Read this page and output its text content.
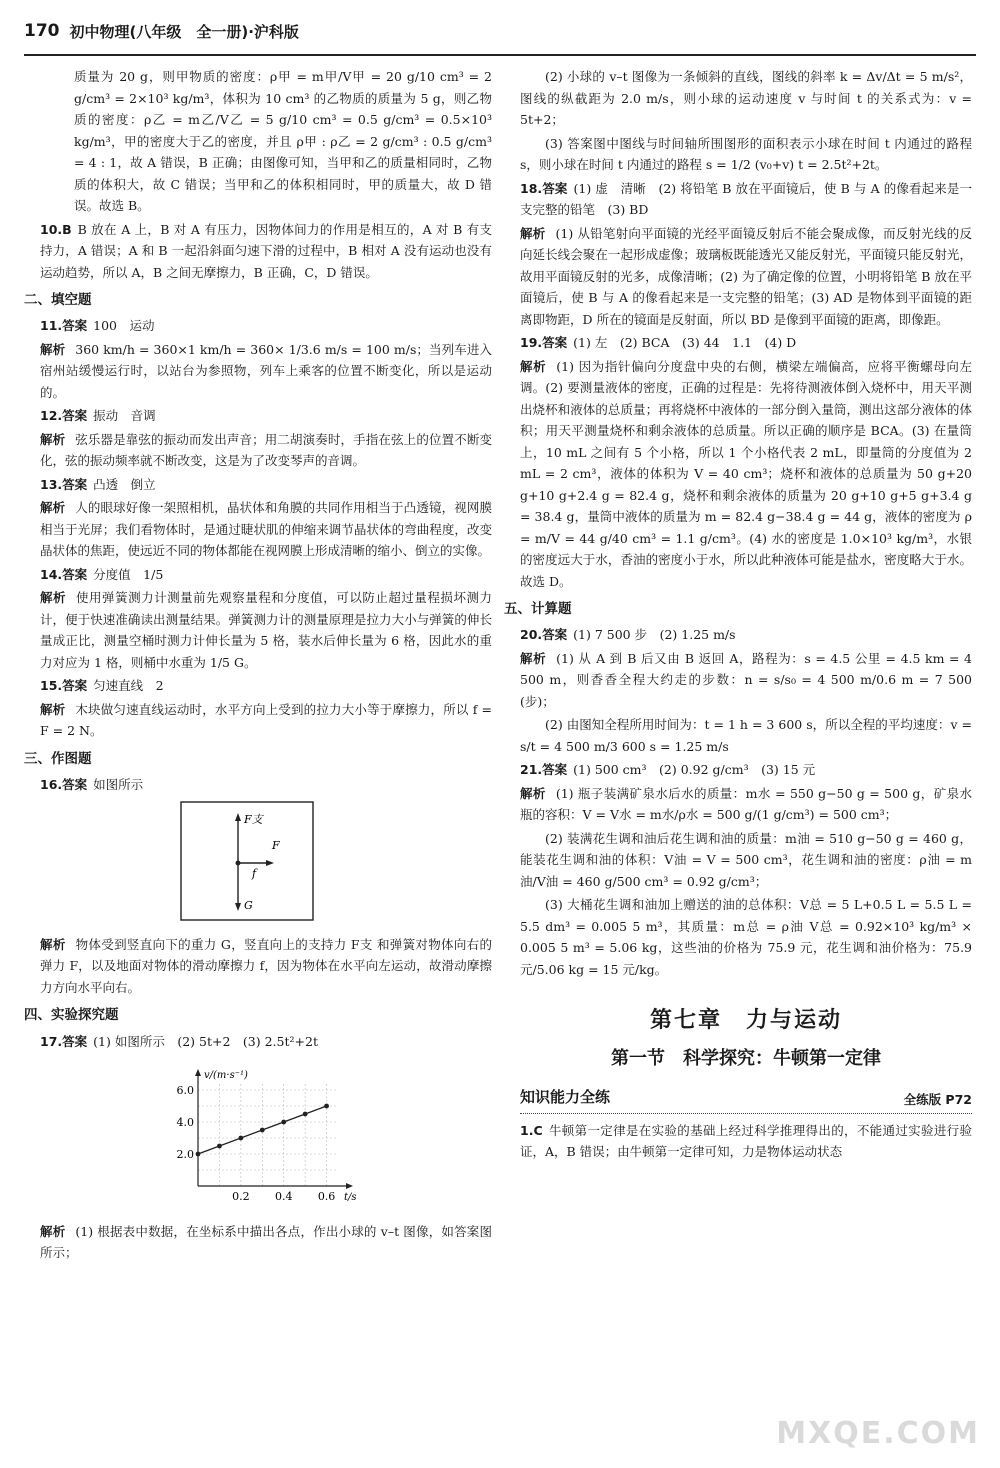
170 初中物理(八年级　全一册)·沪科版

质量为 20 g，则甲物质的密度：ρ甲 = m甲/V甲 = 20 g/10 cm³ = 2 g/cm³ = 2×10³ kg/m³，体积为 10 cm³ 的乙物质的质量为 5 g，则乙物质的密度：ρ乙 = m乙/V乙 = 5 g/10 cm³ = 0.5 g/cm³ = 0.5×10³ kg/m³，甲的密度大于乙的密度，并且 ρ甲 : ρ乙 = 2 g/cm³ : 0.5 g/cm³ = 4 : 1，故 A 错误，B 正确；由图像可知，当甲和乙的质量相同时，乙物质的体积大，故 C 错误；当甲和乙的体积相同时，甲的质量大，故 D 错误。故选 B。

10.B B 放在 A 上，B 对 A 有压力，因物体间力的作用是相互的，A 对 B 有支持力，A 错误；A 和 B 一起沿斜面匀速下滑的过程中，B 相对 A 没有运动也没有运动趋势，所以 A，B 之间无摩擦力，B 正确，C，D 错误。

二、填空题

11.答案 100　运动

解析 360 km/h = 360×1 km/h = 360× 1/3.6 m/s = 100 m/s；当列车进入宿州站缓慢运行时，以站台为参照物，列车上乘客的位置不断变化，所以是运动的。

12.答案 振动　音调

解析 弦乐器是靠弦的振动而发出声音；用二胡演奏时，手指在弦上的位置不断变化，弦的振动频率就不断改变，这是为了改变琴声的音调。

13.答案 凸透　倒立

解析 人的眼球好像一架照相机，晶状体和角膜的共同作用相当于凸透镜，视网膜相当于光屏；我们看物体时，是通过睫状肌的伸缩来调节晶状体的弯曲程度，改变晶状体的焦距，使远近不同的物体都能在视网膜上形成清晰的缩小、倒立的实像。

14.答案 分度值　1/5

解析 使用弹簧测力计测量前先观察量程和分度值，可以防止超过量程损坏测力计，便于快速准确读出测量结果。弹簧测力计的测量原理是拉力大小与弹簧的伸长量成正比，测量空桶时测力计伸长量为 5 格，装水后伸长量为 6 格，因此水的重力对应为 1 格，则桶中水重为 1/5 G。

15.答案 匀速直线　2

解析 木块做匀速直线运动时，水平方向上受到的拉力大小等于摩擦力，所以 f = F = 2 N。

三、作图题

16.答案 如图所示

F支
F
f
G

解析 物体受到竖直向下的重力 G，竖直向上的支持力 F支 和弹簧对物体向右的弹力 F，以及地面对物体的滑动摩擦力 f，因为物体在水平向左运动，故滑动摩擦力方向水平向右。

四、实验探究题

17.答案 (1) 如图所示　(2) 5t+2　(3) 2.5t²+2t

2.0
4.0
6.0
0.2 0.4 0.6
v/(m·s⁻¹)
t/s

解析 (1) 根据表中数据，在坐标系中描出各点，作出小球的 v–t 图像，如答案图所示；

(2) 小球的 v–t 图像为一条倾斜的直线，图线的斜率 k = Δv/Δt = 5 m/s²，图线的纵截距为 2.0 m/s，则小球的运动速度 v 与时间 t 的关系式为：v = 5t+2；

(3) 答案图中图线与时间轴所围图形的面积表示小球在时间 t 内通过的路程 s，则小球在时间 t 内通过的路程 s = 1/2 (v₀+v) t = 2.5t²+2t。

18.答案 (1) 虚　清晰　(2) 将铅笔 B 放在平面镜后，使 B 与 A 的像看起来是一支完整的铅笔　(3) BD

解析 (1) 从铅笔射向平面镜的光经平面镜反射后不能会聚成像，而反射光线的反向延长线会聚在一起形成虚像；玻璃板既能透光又能反射光，平面镜只能反射光，故用平面镜反射的光多，成像清晰；(2) 为了确定像的位置，小明将铅笔 B 放在平面镜后，使 B 与 A 的像看起来是一支完整的铅笔；(3) AD 是物体到平面镜的距离即物距，D 所在的镜面是反射面，所以 BD 是像到平面镜的距离，即像距。

19.答案 (1) 左　(2) BCA　(3) 44　1.1　(4) D

解析 (1) 因为指针偏向分度盘中央的右侧，横梁左端偏高，应将平衡螺母向左调。(2) 要测量液体的密度，正确的过程是：先将待测液体倒入烧杯中，用天平测出烧杯和液体的总质量；再将烧杯中液体的一部分倒入量筒，测出这部分液体的体积；用天平测量烧杯和剩余液体的总质量。所以正确的顺序是 BCA。(3) 在量筒上，10 mL 之间有 5 个小格，所以 1 个小格代表 2 mL，即量筒的分度值为 2 mL = 2 cm³，液体的体积为 V = 40 cm³；烧杯和液体的总质量为 50 g+20 g+10 g+2.4 g = 82.4 g，烧杯和剩余液体的质量为 20 g+10 g+5 g+3.4 g = 38.4 g，量筒中液体的质量为 m = 82.4 g−38.4 g = 44 g，液体的密度为 ρ = m/V = 44 g/40 cm³ = 1.1 g/cm³。(4) 水的密度是 1.0×10³ kg/m³，水银的密度远大于水，香油的密度小于水，所以此种液体可能是盐水，密度略大于水。故选 D。

五、计算题

20.答案 (1) 7 500 步　(2) 1.25 m/s

解析 (1) 从 A 到 B 后又由 B 返回 A，路程为：s = 4.5 公里 = 4.5 km = 4 500 m，则香香全程大约走的步数：n = s/s₀ = 4 500 m/0.6 m = 7 500 (步)；

(2) 由图知全程所用时间为：t = 1 h = 3 600 s，所以全程的平均速度：v = s/t = 4 500 m/3 600 s = 1.25 m/s

21.答案 (1) 500 cm³　(2) 0.92 g/cm³　(3) 15 元

解析 (1) 瓶子装满矿泉水后水的质量：m水 = 550 g−50 g = 500 g，矿泉水瓶的容积：V = V水 = m水/ρ水 = 500 g/(1 g/cm³) = 500 cm³；

(2) 装满花生调和油后花生调和油的质量：m油 = 510 g−50 g = 460 g，能装花生调和油的体积：V油 = V = 500 cm³，花生调和油的密度：ρ油 = m油/V油 = 460 g/500 cm³ = 0.92 g/cm³；

(3) 大桶花生调和油加上赠送的油的总体积：V总 = 5 L+0.5 L = 5.5 L = 5.5 dm³ = 0.005 5 m³，其质量：m总 = ρ油 V总 = 0.92×10³ kg/m³ × 0.005 5 m³ = 5.06 kg，这些油的价格为 75.9 元，花生调和油价格为：75.9 元/5.06 kg = 15 元/kg。

第七章　力与运动
第一节　科学探究：牛顿第一定律
知识能力全练	全练版 P72

1.C 牛顿第一定律是在实验的基础上经过科学推理得出的，不能通过实验进行验证，A，B 错误；由牛顿第一定律可知，力是物体运动状态

MXQE.COM
